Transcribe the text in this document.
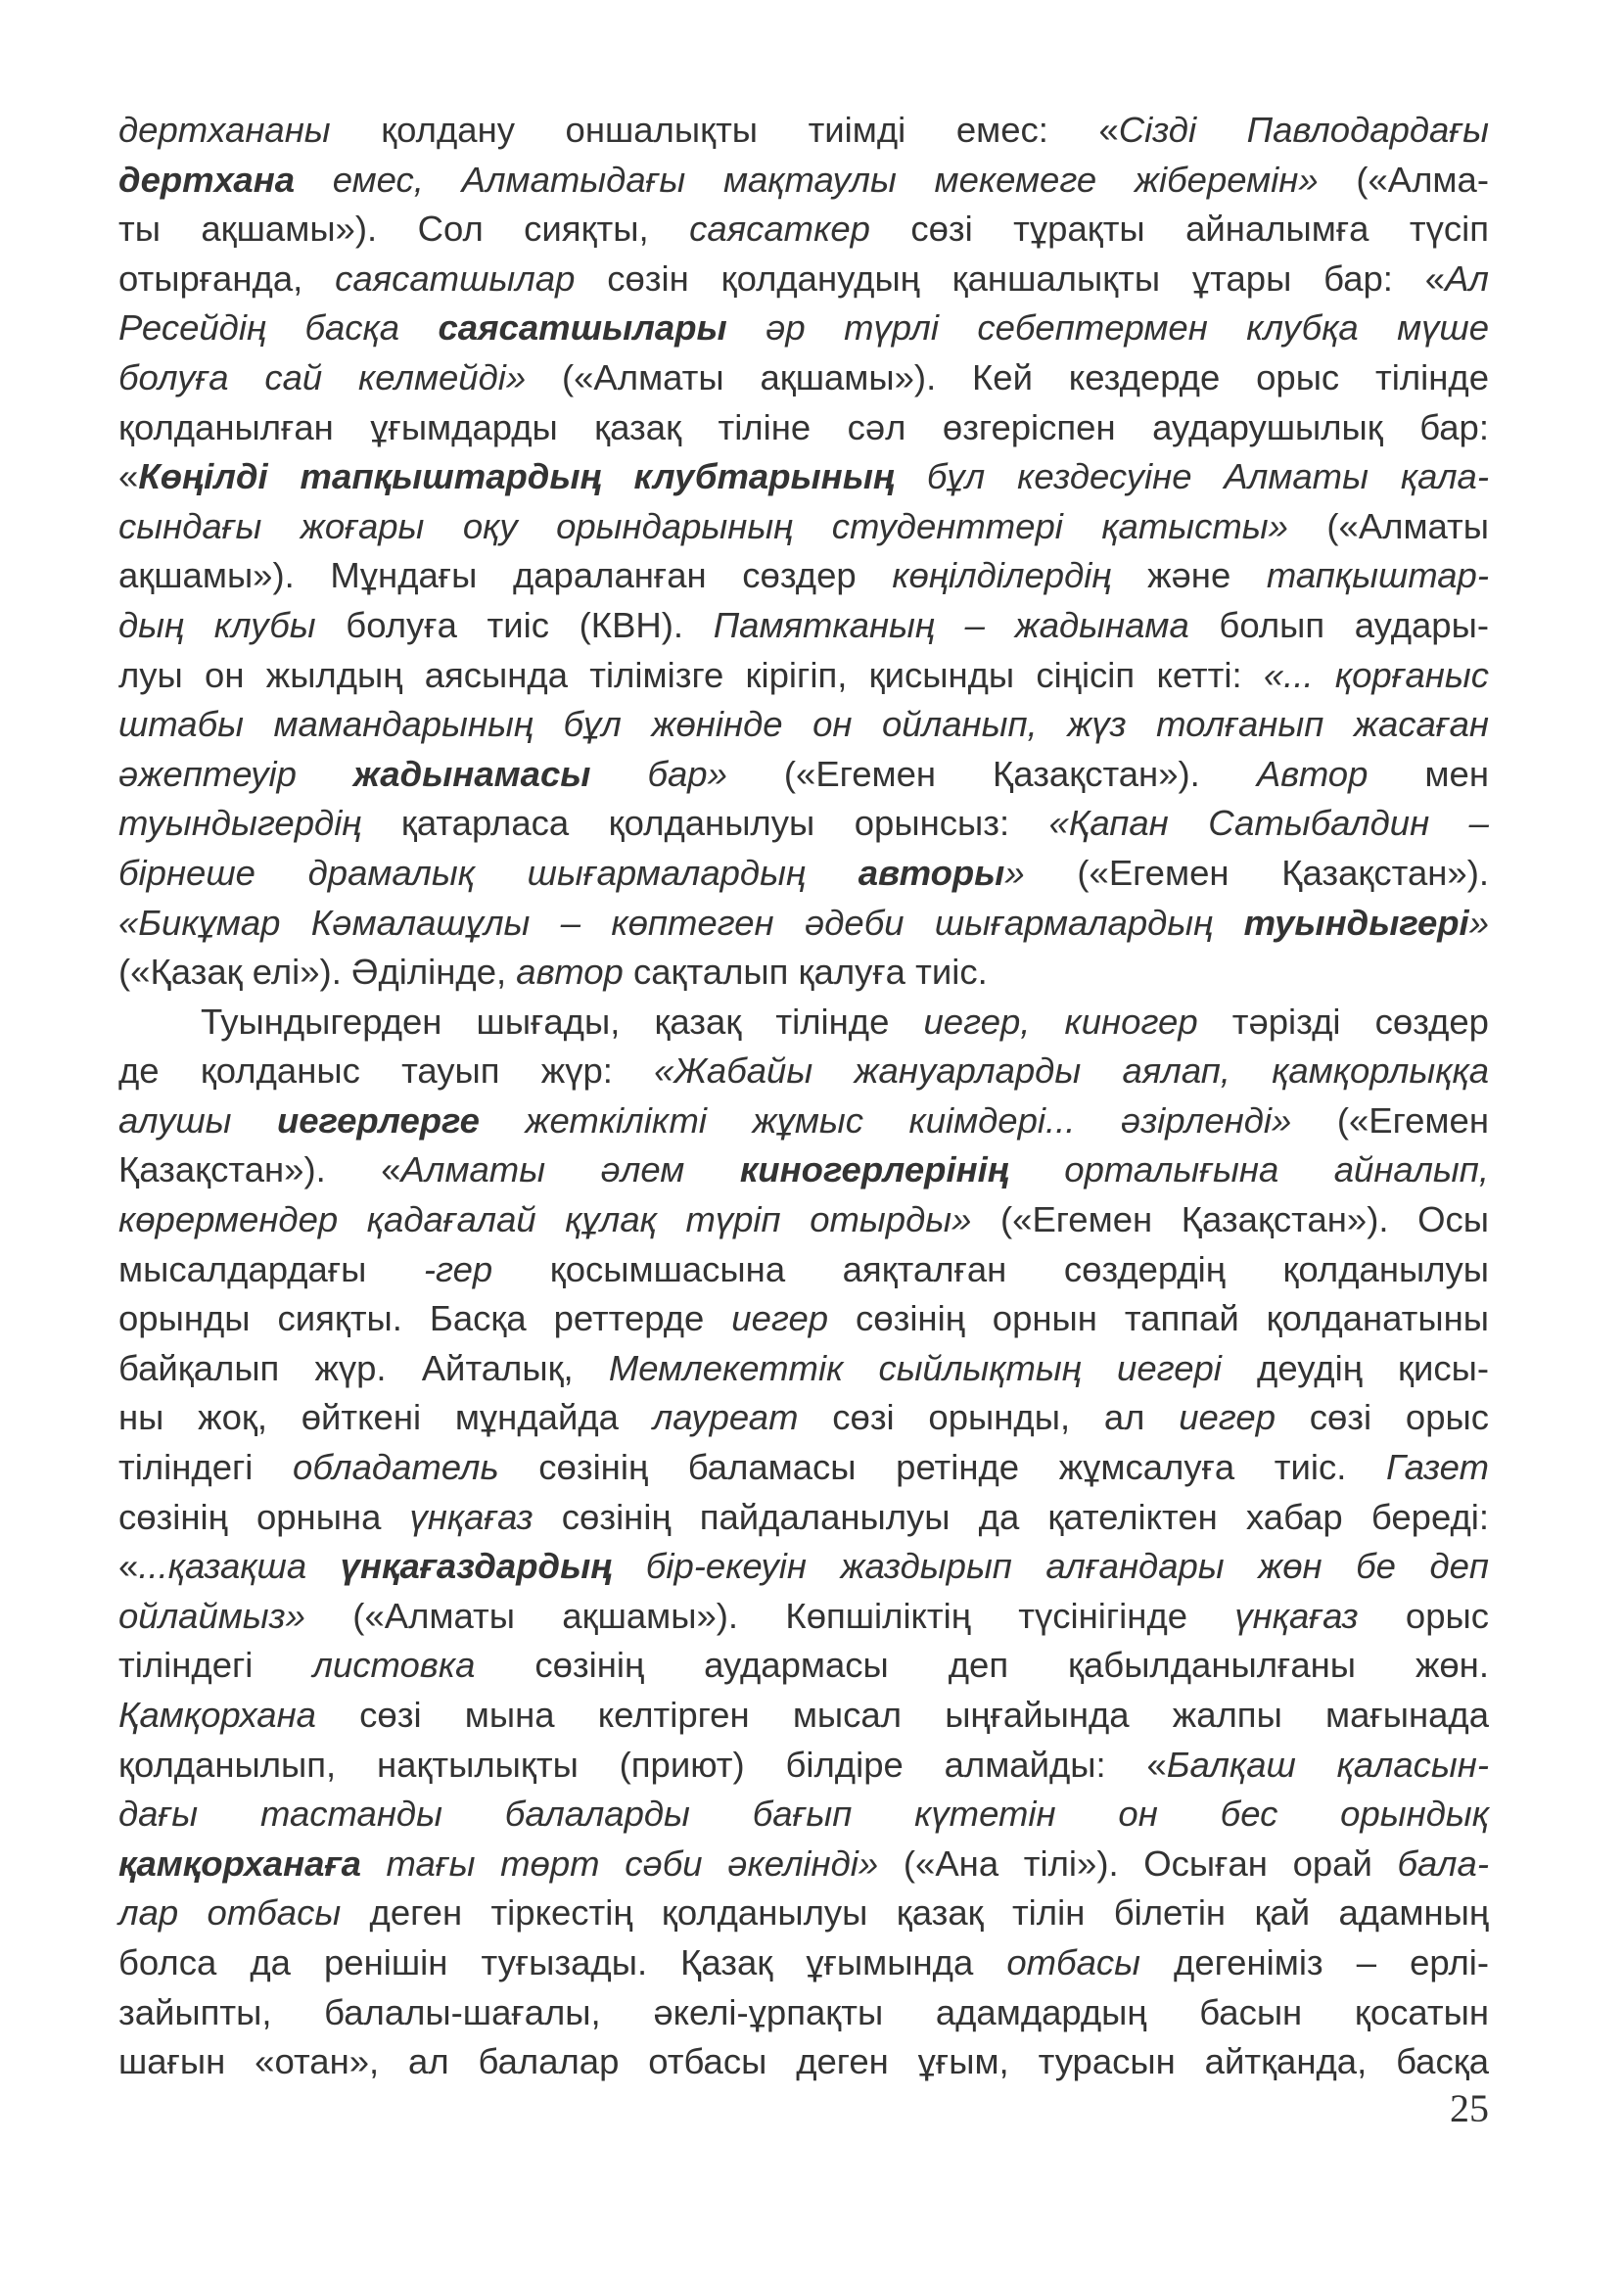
дертхананы қолдану оншалықты тиімді емес: «Сізді Павлодардағы
дертхана емес, Алматыдағы мақтаулы мекемеге жіберемін» («Алма-
ты ақшамы»). Сол сияқты, саясаткер сөзі тұрақты айналымға түсіп
отырғанда, саясатшылар сөзін қолданудың қаншалықты ұтары бар: «Ал
Ресейдің басқа саясатшылары әр түрлі себептермен клубқа мүше
болуға сай келмейді» («Алматы ақшамы»). Кей кездерде орыс тілінде
қолданылған ұғымдарды қазақ тіліне сәл өзгеріспен аударушылық бар:
«Көңілді тапқыштардың клубтарының бұл кездесуіне Алматы қала-
сындағы жоғары оқу орындарының студенттері қатысты» («Алматы
ақшамы»). Мұндағы дараланған сөздер көңілділердің және тапқыштар-
дың клубы болуға тиіс (КВН). Памятканың – жадынама болып аудары-
луы он жылдың аясында тілімізге кірігіп, қисынды сіңісіп кетті: «... қорғаныс
штабы мамандарының бұл жөнінде он ойланып, жүз толғанып жасаған
әжептеуір жадынамасы бар» («Егемен Қазақстан»). Автор мен
туындыгердің қатарласа қолданылуы орынсыз: «Қапан Сатыбалдин –
бірнеше драмалық шығармалардың авторы» («Егемен Қазақстан»).
«Бикұмар Кәмалашұлы – көптеген әдеби шығармалардың туындыгері»
(«Қазақ елі»). Әділінде, автор сақталып қалуға тиіс.
Туындыгерден шығады, қазақ тілінде иегер, киногер тәрізді сөздер
де қолданыс тауып жүр: «Жабайы жануарларды аялап, қамқорлыққа
алушы иегерлерге жеткілікті жұмыс киімдері... әзірленді» («Егемен
Қазақстан»). «Алматы әлем киногерлерінің орталығына айналып,
көрермендер қадағалай құлақ түріп отырды» («Егемен Қазақстан»). Осы
мысалдардағы -гер қосымшасына аяқталған сөздердің қолданылуы
орынды сияқты. Басқа реттерде иегер сөзінің орнын таппай қолданатыны
байқалып жүр. Айталық, Мемлекеттік сыйлықтың иегері деудің қисы-
ны жоқ, өйткені мұндайда лауреат сөзі орынды, ал иегер сөзі орыс
тіліндегі обладатель сөзінің баламасы ретінде жұмсалуға тиіс. Газет
сөзінің орнына үнқағаз сөзінің пайдаланылуы да қателіктен хабар береді:
«...қазақша үнқағаздардың бір-екеуін жаздырып алғандары жөн бе деп
ойлаймыз» («Алматы ақшамы»). Көпшіліктің түсінігінде үнқағаз орыс
тіліндегі листовка сөзінің аудармасы деп қабылданылғаны жөн.
Қамқорхана сөзі мына келтірген мысал ыңғайында жалпы мағынада
қолданылып, нақтылықты (приют) білдіре алмайды: «Балқаш қаласын-
дағы тастанды балаларды бағып күтетін он бес орындық
қамқорханаға тағы төрт сәби әкелінді» («Ана тілі»). Осыған орай бала-
лар отбасы деген тіркестің қолданылуы қазақ тілін білетін қай адамның
болса да ренішін туғызады. Қазақ ұғымында отбасы дегеніміз – ерлі-
зайыпты, балалы-шағалы, әкелі-ұрпақты адамдардың басын қосатын
шағын «отан», ал балалар отбасы деген ұғым, турасын айтқанда, басқа
25
